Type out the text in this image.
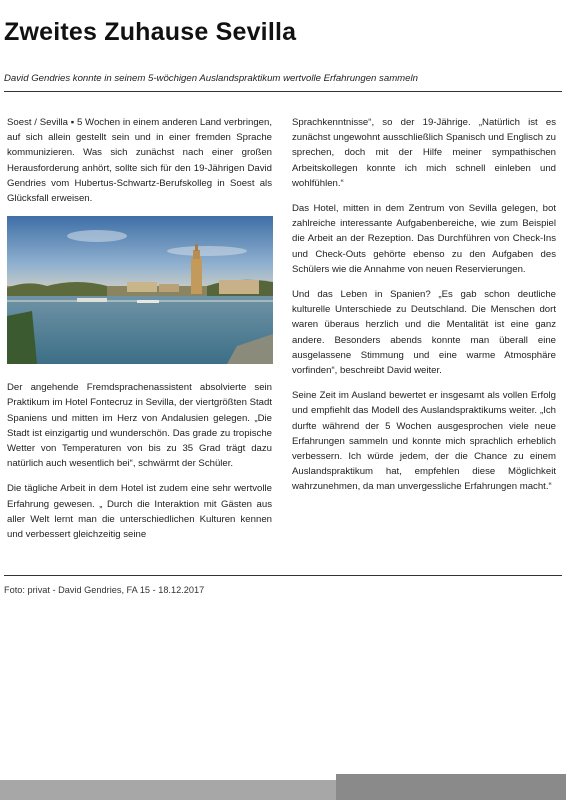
Zweites Zuhause Sevilla
David Gendries konnte in seinem 5-wöchigen Auslandspraktikum wertvolle Erfahrungen sammeln

Soest / Sevilla ▪ 5 Wochen in einem anderen Land verbringen, auf sich allein gestellt sein und in einer fremden Sprache kommunizieren. Was sich zunächst nach einer großen Herausforderung anhört, sollte sich für den 19-Jährigen David Gendries vom Hubertus-Schwartz-Berufskolleg in Soest als Glücksfall erweisen.

Der angehende Fremdsprachenassistent absolvierte sein Praktikum im Hotel Fontecruz in Sevilla, der viertgrößten Stadt Spaniens und mitten im Herz von Andalusien gelegen. „Die Stadt ist einzigartig und wunderschön. Das grade zu tropische Wetter von Temperaturen von bis zu 35 Grad trägt dazu natürlich auch wesentlich bei“, schwärmt der Schüler.

Die tägliche Arbeit in dem Hotel ist zudem eine sehr wertvolle Erfahrung gewesen. „ Durch die Interaktion mit Gästen aus aller Welt lernt man die unterschiedlichen Kulturen kennen und verbessert gleichzeitig seine

Sprachkenntnisse“, so der 19-Jährige. „Natürlich ist es zunächst ungewohnt ausschließlich Spanisch und Englisch zu sprechen, doch mit der Hilfe meiner sympathischen Arbeitskollegen konnte ich mich schnell einleben und wohlfühlen.“

Das Hotel, mitten in dem Zentrum von Sevilla gelegen, bot zahlreiche interessante Aufgabenbereiche, wie zum Beispiel die Arbeit an der Rezeption. Das Durchführen von Check-Ins und Check-Outs gehörte ebenso zu den Aufgaben des Schülers wie die Annahme von neuen Reservierungen.

Und das Leben in Spanien? „Es gab schon deutliche kulturelle Unterschiede zu Deutschland. Die Menschen dort waren überaus herzlich und die Mentalität ist eine ganz andere. Besonders abends konnte man überall eine ausgelassene Stimmung und eine warme Atmosphäre vorfinden“, beschreibt David weiter.

Seine Zeit im Ausland bewertet er insgesamt als vollen Erfolg und empfiehlt das Modell des Auslandspraktikums weiter. „Ich durfte während der 5 Wochen ausgesprochen viele neue Erfahrungen sammeln und konnte mich sprachlich erheblich verbessern. Ich würde jedem, der die Chance zu einem Auslandspraktikum hat, empfehlen diese Möglichkeit wahrzunehmen, da man unvergessliche Erfahrungen macht.“

Foto: privat - David Gendries, FA 15 - 18.12.2017
